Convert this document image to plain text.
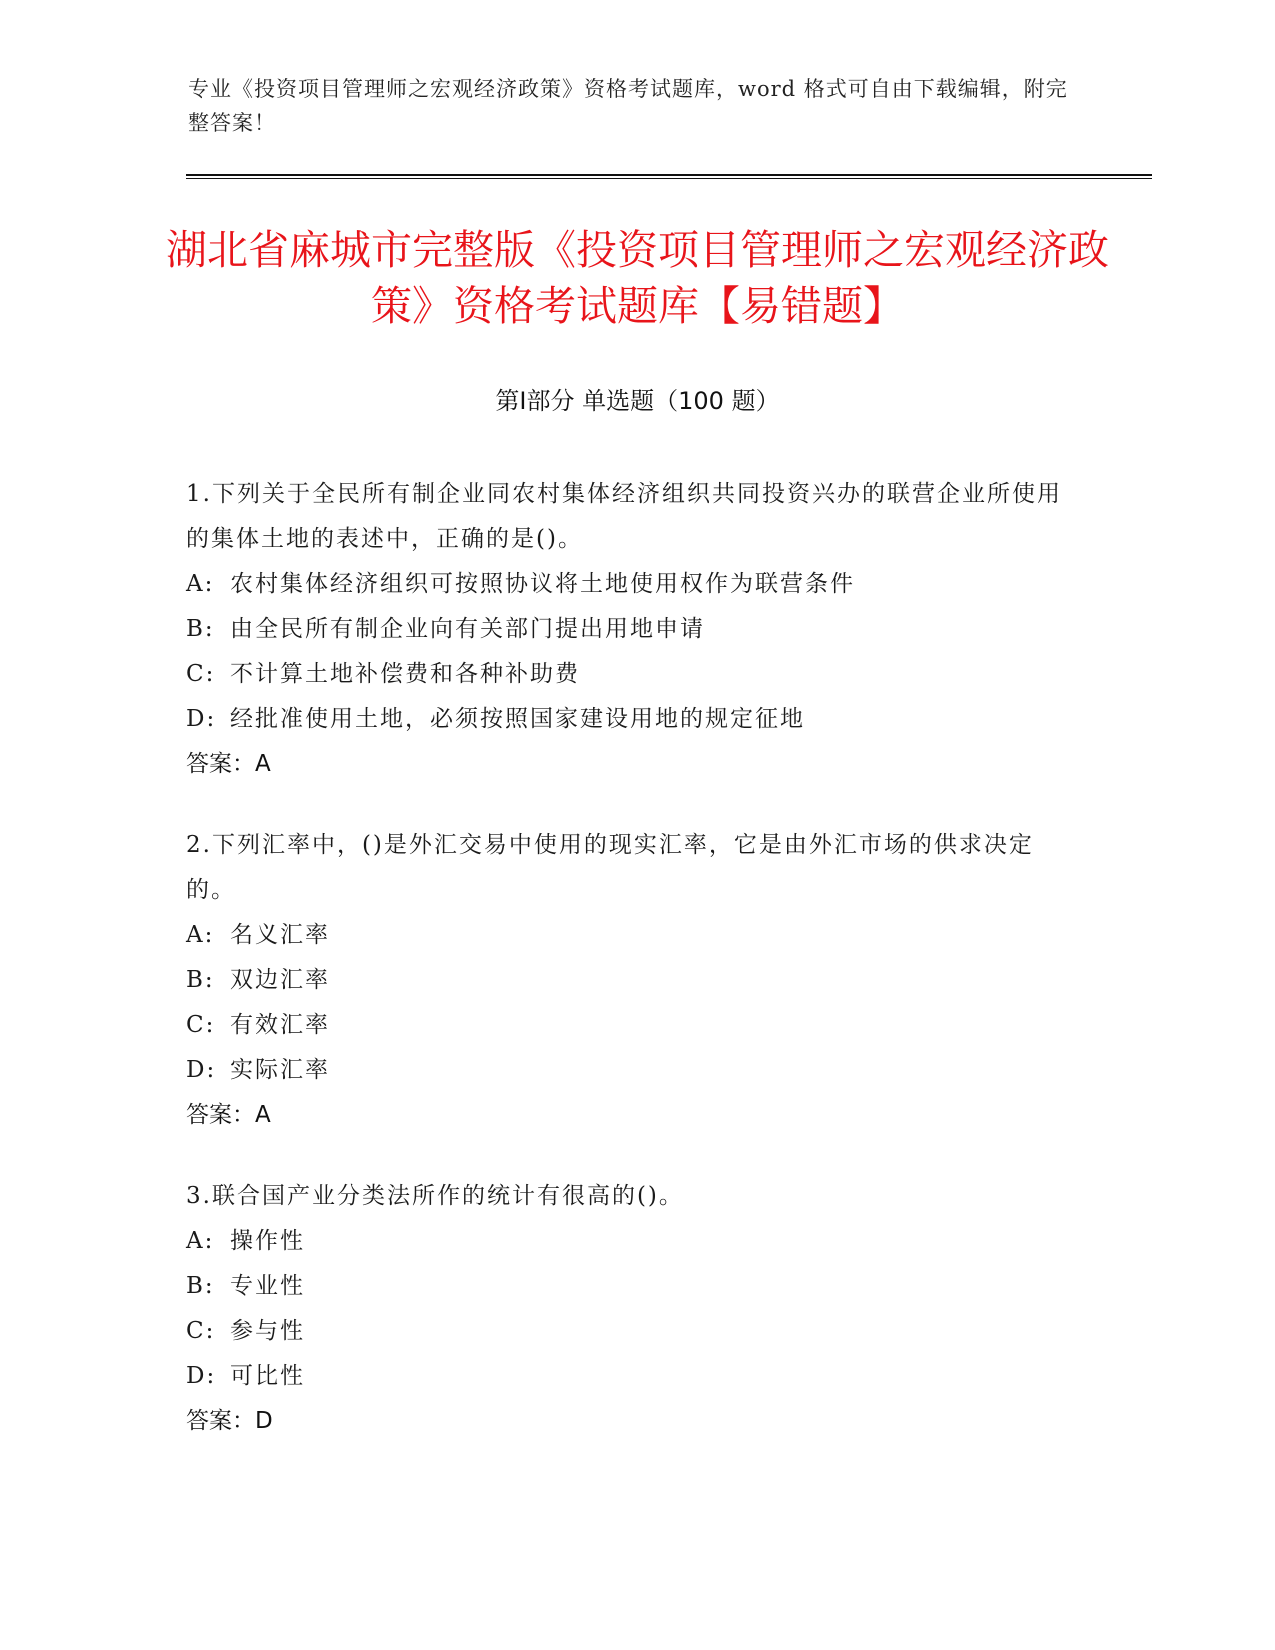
专业《投资项目管理师之宏观经济政策》资格考试题库，word 格式可自由下载编辑，附完整答案！
湖北省麻城市完整版《投资项目管理师之宏观经济政策》资格考试题库【易错题】
第Ⅰ部分 单选题（100 题）
1.下列关于全民所有制企业同农村集体经济组织共同投资兴办的联营企业所使用的集体土地的表述中，正确的是()。
A: 农村集体经济组织可按照协议将土地使用权作为联营条件
B: 由全民所有制企业向有关部门提出用地申请
C: 不计算土地补偿费和各种补助费
D: 经批准使用土地，必须按照国家建设用地的规定征地
答案：A
2.下列汇率中，()是外汇交易中使用的现实汇率，它是由外汇市场的供求决定的。
A: 名义汇率
B: 双边汇率
C: 有效汇率
D: 实际汇率
答案：A
3.联合国产业分类法所作的统计有很高的()。
A: 操作性
B: 专业性
C: 参与性
D: 可比性
答案：D
